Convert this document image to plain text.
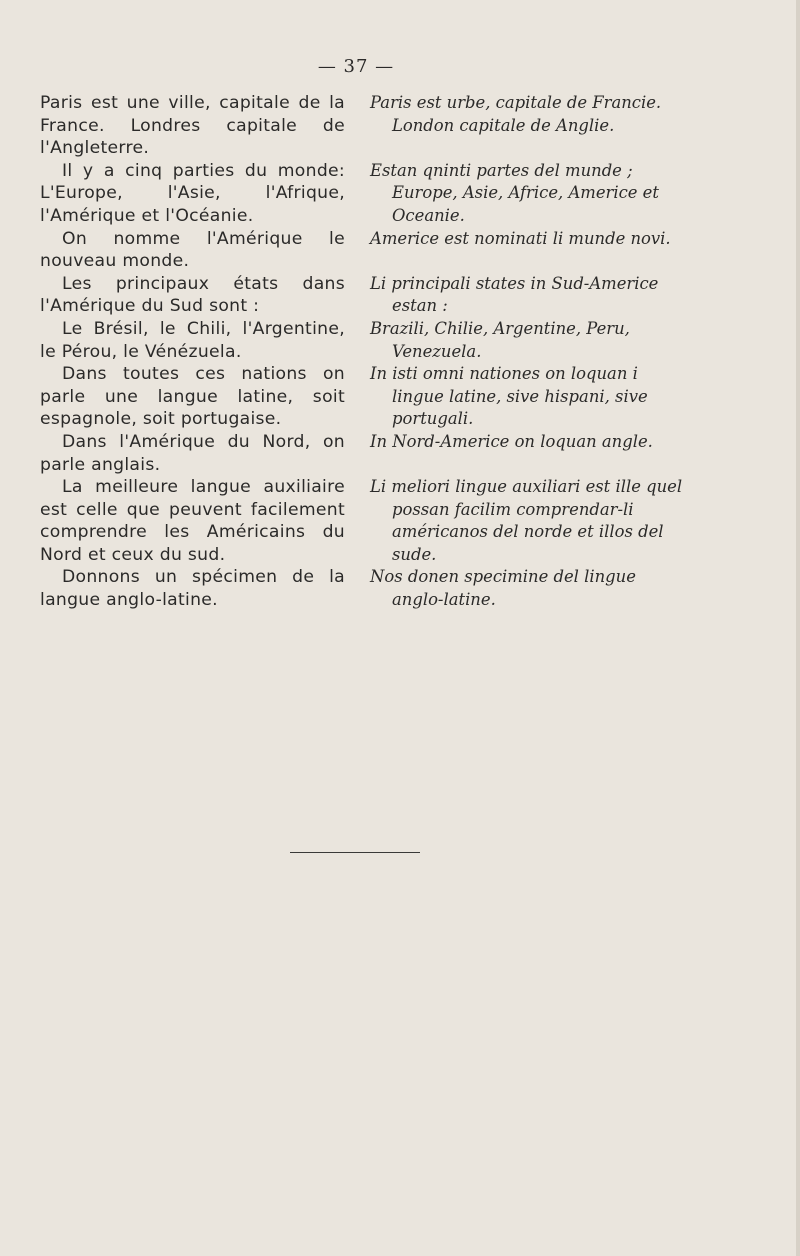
— 37 —

Paris est une ville, capitale de la France. Londres capitale de l'Angleterre.

Il y a cinq parties du monde: L'Europe, l'Asie, l'Afrique, l'Amérique et l'Océanie.

On nomme l'Amérique le nouveau monde.

Les principaux états dans l'Amérique du Sud sont :

Le Brésil, le Chili, l'Argentine, le Pérou, le Vénézuela.

Dans toutes ces nations on parle une langue latine, soit espagnole, soit portugaise.

Dans l'Amérique du Nord, on parle anglais.

La meilleure langue auxiliaire est celle que peuvent facilement comprendre les Américains du Nord et ceux du sud.

Donnons un spécimen de la langue anglo-latine.

Paris est urbe, capitale de Francie. London capitale de Anglie.

Estan qninti partes del munde ; Europe, Asie, Africe, Americe et Oceanie.

Americe est nominati li munde novi.

Li principali states in Sud-Americe estan :

Brazili, Chilie, Argentine, Peru, Venezuela.

In isti omni nationes on loquan i lingue latine, sive hispani, sive portugali.

In Nord-Americe on loquan angle.

Li meliori lingue auxiliari est ille quel possan facilim comprendar-li américanos del norde et illos del sude.

Nos donen specimine del lingue anglo-latine.
